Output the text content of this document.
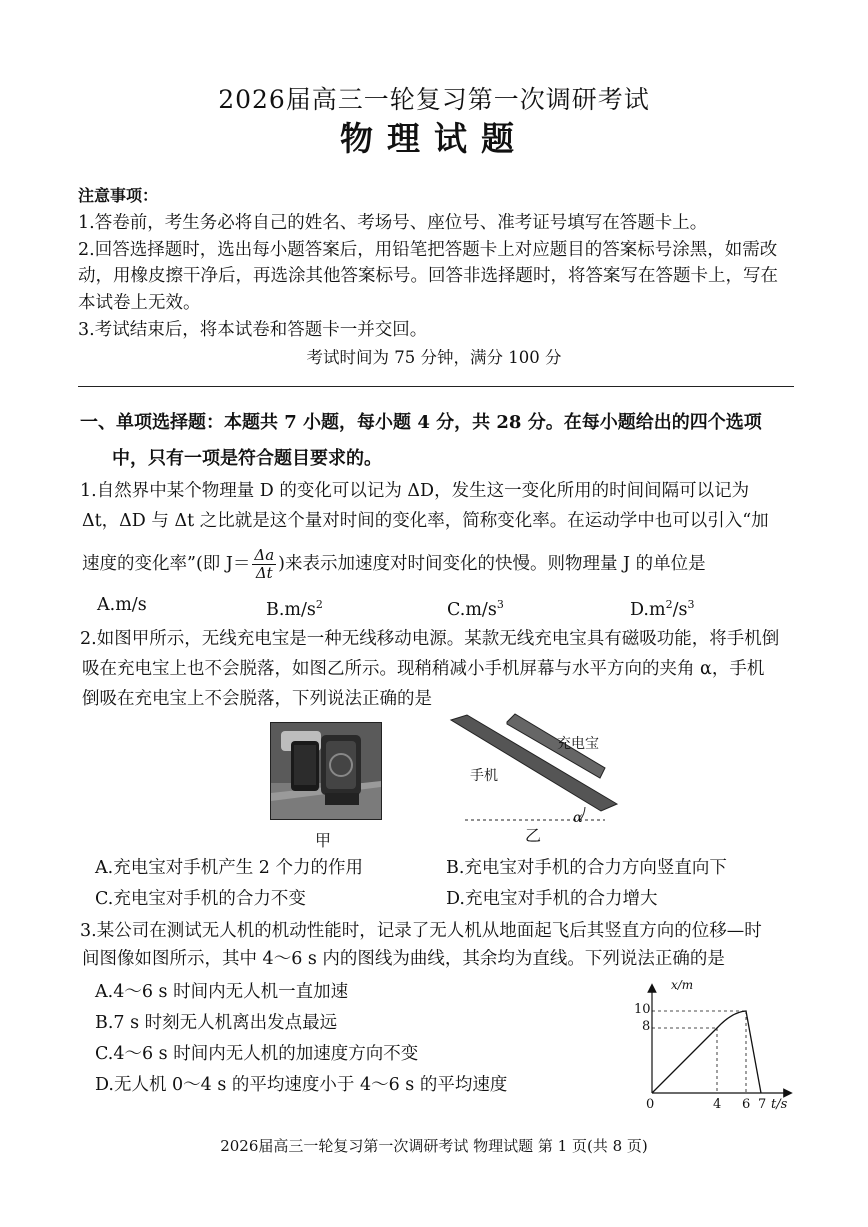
2026届高三一轮复习第一次调研考试
物理试题
注意事项：
1.答卷前，考生务必将自己的姓名、考场号、座位号、准考证号填写在答题卡上。
2.回答选择题时，选出每小题答案后，用铅笔把答题卡上对应题目的答案标号涂黑，如需改
动，用橡皮擦干净后，再选涂其他答案标号。回答非选择题时，将答案写在答题卡上，写在
本试卷上无效。
3.考试结束后，将本试卷和答题卡一并交回。
考试时间为 75 分钟，满分 100 分
一、单项选择题：本题共 7 小题，每小题 4 分，共 28 分。在每小题给出的四个选项
中，只有一项是符合题目要求的。
1.自然界中某个物理量 D 的变化可以记为 ΔD，发生这一变化所用的时间间隔可以记为
Δt，ΔD 与 Δt 之比就是这个量对时间的变化率，简称变化率。在运动学中也可以引入“加
速度的变化率”(即 $J= \frac{\Delta a}{\Delta t}$ )来表示加速度对时间变化的快慢。则物理量 J 的单位是
A.m/s	$B.m/s^2$	$C.m/s^3$	$D.m^2/s^3$
2.如图甲所示，无线充电宝是一种无线移动电源。某款无线充电宝具有磁吸功能，将手机倒
吸在充电宝上也不会脱落，如图乙所示。现稍稍减小手机屏幕与水平方向的夹角 α，手机
倒吸在充电宝上不会脱落，下列说法正确的是
甲
充电宝
手机
α
乙
A.充电宝对手机产生 2 个力的作用	B.充电宝对手机的合力方向竖直向下
C.充电宝对手机的合力不变	D.充电宝对手机的合力增大
3.某公司在测试无人机的机动性能时，记录了无人机从地面起飞后其竖直方向的位移—时
间图像如图所示，其中 4～6 s 内的图线为曲线，其余均为直线。下列说法正确的是
A.4～6 s 时间内无人机一直加速
B.7 s 时刻无人机离出发点最远
C.4～6 s 时间内无人机的加速度方向不变
D.无人机 0～4 s 的平均速度小于 4～6 s 的平均速度
x/m
t/s
10
8
0	4 6 7
2026届高三一轮复习第一次调研考试 物理试题 第 1 页(共 8 页)
